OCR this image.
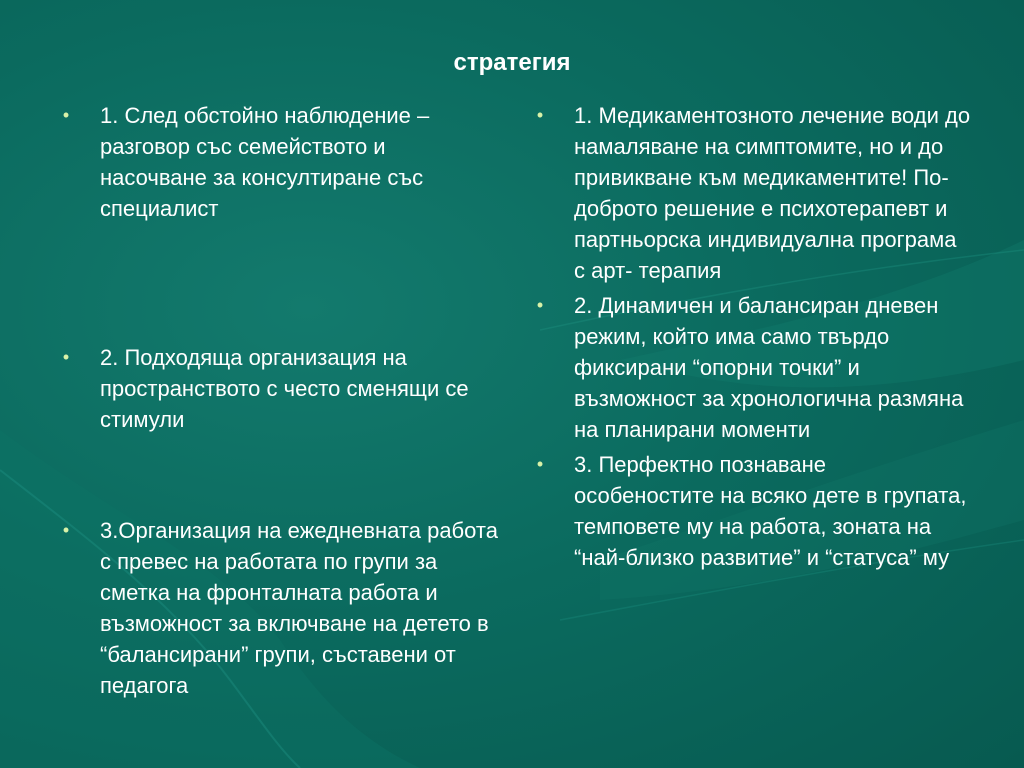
стратегия
• 1. След обстойно наблюдение – разговор със семейството и насочване за консултиране със специалист
• 2. Подходяща организация на пространството с често сменящи се стимули
• 3.Организация на ежедневната работа с превес на работата по групи за сметка на фронталната работа и възможност за включване на детето в “балансирани” групи, съставени от педагога
• 1. Медикаментозното лечение води до намаляване на симптомите, но и до привикване към медикаментите! По-доброто решение е психотерапевт и партньорска индивидуална програма с арт- терапия
• 2. Динамичен и балансиран дневен режим, който има само твърдо фиксирани “опорни точки” и възможност за хронологична размяна на планирани моменти
• 3. Перфектно познаване особеностите на всяко дете в групата, темповете му на работа, зоната на “най-близко развитие” и “статуса” му
